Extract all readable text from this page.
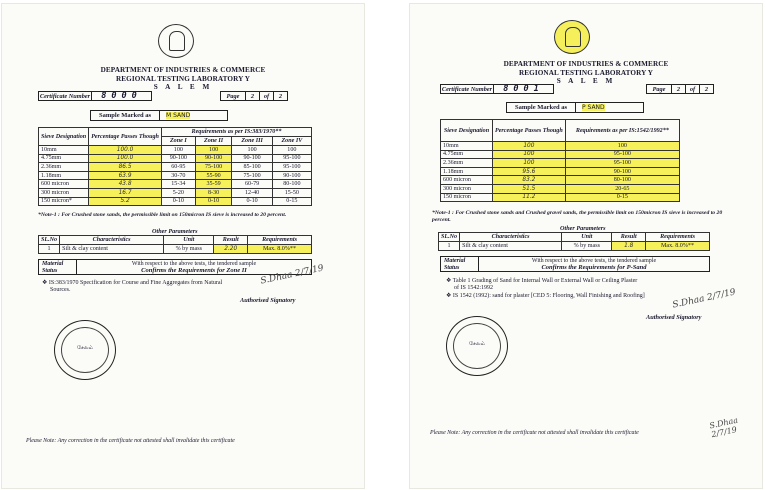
DEPARTMENT OF INDUSTRIES & COMMERCE
REGIONAL TESTING LABORATORY Y
S A L E M
Certificate Number 8000	Page	2	of	2
Sample Marked as	M SAND
Sieve Designation	Percentage Passes Though	Requirements as per IS:383/1970**			
		Zone I	Zone II	Zone III	Zone IV
10mm	100.0	100	100	100	100
4.75mm	100.0	90-100	90-100	90-100	95-100
2.36mm	86.5	60-95	75-100	85-100	95-100
1.18mm	63.9	30-70	55-90	75-100	90-100
600 micron	43.8	15-34	35-59	60-79	80-100
300 micron	16.7	5-20	8-30	12-40	15-50
150 micron*	5.2	0-10	0-10	0-10	0-15
*Note-1 : For Crushed stone sands, the permissible limit on 150micron IS sieve is increased to 20 percent.
Other Parameters
SL.No	Characteristics	Unit	Result	Requirements
1	Silt & clay content	% by mass	2.20	Max. 8.0%**
Material Status
With respect to the above tests, the tendered sample
Confirms the Requirements for Zone II
❖ IS:383/1970 Specification for Course and Fine Aggregates from Natural
Sources.
S.Dhaa 2/7/19
Authorised Signatory
சேலம்
Please Note: Any correction in the certificate not attested shall invalidate this certificate
DEPARTMENT OF INDUSTRIES & COMMERCE
REGIONAL TESTING LABORATORY Y
S A L E M
Certificate Number 8001	Page	2	of	2
Sample Marked as	P SAND
Sieve Designation	Percentage Passes Though	Requirements as per IS:1542/1992**
10mm	100	100
4.75mm	100	95-100
2.36mm	100	95-100
1.18mm	95.6	90-100
600 micron	83.2	80-100
300 micron	51.5	20-65
150 micron	11.2	0-15
*Note-1 : For Crushed stone sands and Crushed gravel sands, the permissible limit on 150micron IS sieve is increased to 20 percent.
Other Parameters
SL.No	Characteristics	Unit	Result	Requirements
1	Silt & clay content	% by mass	1.8	Max. 8.0%**
Material Status
With respect to the above tests, the tendered sample
Confirms the Requirements for P-Sand
❖ Table 1 Grading of Sand for Internal Wall or External Wall or Ceiling Plaster
of IS 1542:1992
❖ IS 1542 (1992): sand for plaster [CED 5: Flooring, Wall Finishing and Roofing]	S.Dhaa 2/7/19
Authorised Signatory
சேலம்
Please Note: Any correction in the certificate not attested shall invalidate this certificate
S.Dhaa 2/7/19
